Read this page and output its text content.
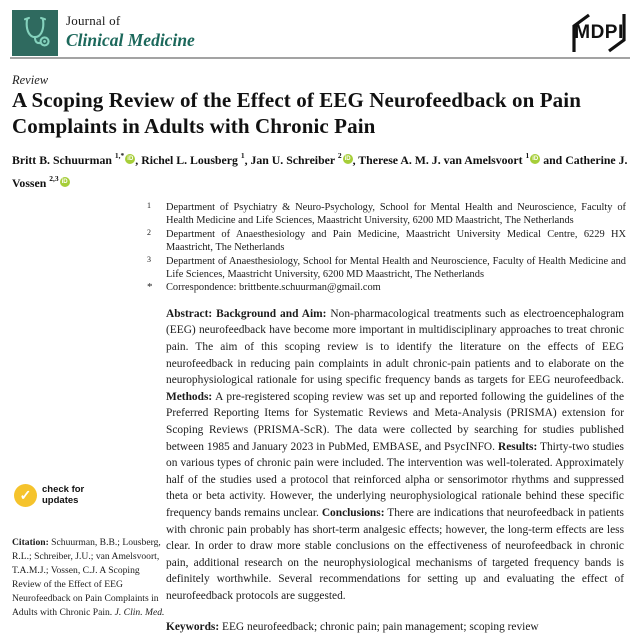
Journal of
Clinical Medicine	MDPI
Review
A Scoping Review of the Effect of EEG Neurofeedback on Pain Complaints in Adults with Chronic Pain
Britt B. Schuurman $^{1,*}$ iD , Richel L. Lousberg $^1$, Jan U. Schreiber $^2$ iD , Therese A. M. J. van Amelsvoort $^1$ iD and Catherine J. Vossen $^{2,3}$ iD
1 Department of Psychiatry & Neuro-Psychology, School for Mental Health and Neuroscience, Faculty of Health Medicine and Life Sciences, Maastricht University, 6200 MD Maastricht, The Netherlands
2 Department of Anaesthesiology and Pain Medicine, Maastricht University Medical Centre, 6229 HX Maastricht, The Netherlands
3 Department of Anaesthesiology, School for Mental Health and Neuroscience, Faculty of Health Medicine and Life Sciences, Maastricht University, 6200 MD Maastricht, The Netherlands
* Correspondence: brittbente.schuurman@gmail.com

Abstract: Background and Aim: Non-pharmacological treatments such as electroencephalogram (EEG) neurofeedback have become more important in multidisciplinary approaches to treat chronic pain. The aim of this scoping review is to identify the literature on the effects of EEG neurofeedback in reducing pain complaints in adult chronic-pain patients and to elaborate on the neurophysiological rationale for using specific frequency bands as targets for EEG neurofeedback. Methods: A pre-registered scoping review was set up and reported following the guidelines of the Preferred Reporting Items for Systematic Reviews and Meta-Analysis (PRISMA) extension for Scoping Reviews (PRISMA-ScR). The data were collected by searching for studies published between 1985 and January 2023 in PubMed, EMBASE, and PsycINFO. Results: Thirty-two studies on various types of chronic pain were included. The intervention was well-tolerated. Approximately half of the studies used a protocol that reinforced alpha or sensorimotor rhythms and suppressed theta or beta activity. However, the underlying neurophysiological rationale behind these specific frequency bands remains unclear. Conclusions: There are indications that neurofeedback in patients with chronic pain probably has short-term analgesic effects; however, the long-term effects are less clear. In order to draw more stable conclusions on the effectiveness of neurofeedback in chronic pain, additional research on the neurophysiological mechanisms of targeted frequency bands is definitely worthwhile. Several recommendations for setting up and evaluating the effect of neurofeedback protocols are suggested.

Keywords: EEG neurofeedback; chronic pain; pain management; scoping review

✓	check for
updates

Citation: Schuurman, B.B.; Lousberg, R.L.; Schreiber, J.U.; van Amelsvoort, T.A.M.J.; Vossen, C.J. A Scoping Review of the Effect of EEG Neurofeedback on Pain Complaints in Adults with Chronic Pain. J. Clin. Med.
